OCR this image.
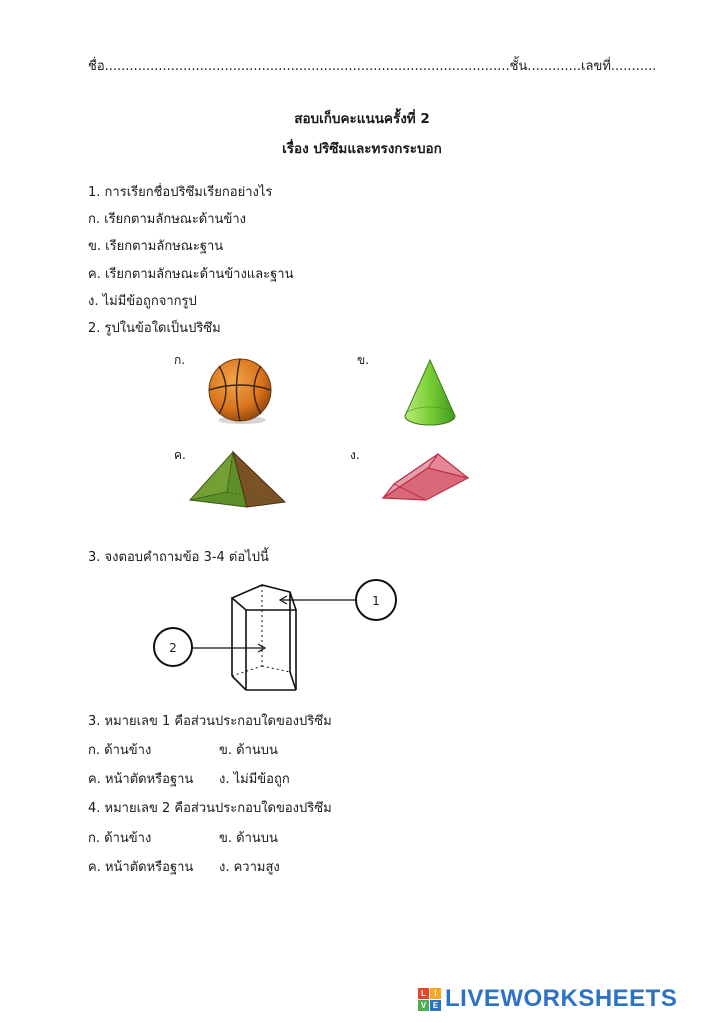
ชื่อ..................................................................................................ชั้น.............เลขที่...........
สอบเก็บคะแนนครั้งที่ 2
เรื่อง ปริซึมและทรงกระบอก
1. การเรียกชื่อปริซึมเรียกอย่างไร
ก. เรียกตามลักษณะด้านข้าง
ข. เรียกตามลักษณะฐาน
ค. เรียกตามลักษณะด้านข้างและฐาน
ง. ไม่มีข้อถูกจากรูป
2. รูปในข้อใดเป็นปริซึม
ก.	ข.
ค.	ง.
3. จงตอบคำถามข้อ 3-4 ต่อไปนี้
1
2
3. หมายเลข 1 คือส่วนประกอบใดของปริซึม
ก. ด้านข้าง	ข. ด้านบน
ค. หน้าตัดหรือฐาน ง. ไม่มีข้อถูก
4. หมายเลข 2 คือส่วนประกอบใดของปริซึม
ก. ด้านข้าง	ข. ด้านบน
ค. หน้าตัดหรือฐาน ง. ความสูง
L	I
V E LIVEWORKSHEETS
